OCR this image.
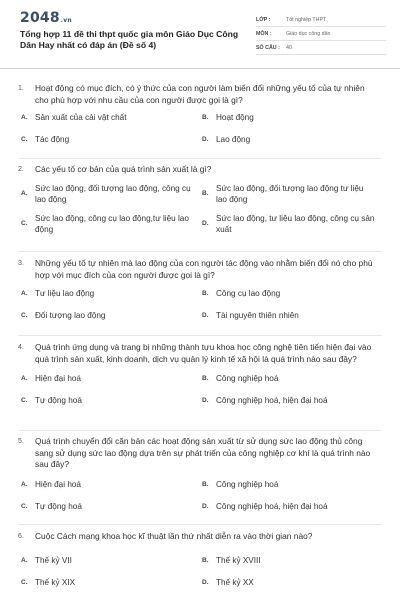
2048.vn
Tổng hợp 11 đề thi thpt quốc gia môn Giáo Dục Công Dân Hay nhất có đáp án (Đề số 4)
LỚP :	Tốt nghiệp THPT
MÔN :	Giáo dục công dân
SỐ CÂU :	40
1.	Hoạt động có mục đích, có ý thức của con người làm biến đổi những yếu tố của tự nhiên cho phù hợp với nhu cầu của con người được gọi là gì?
A. Sản xuất của cải vật chất	B. Hoạt động
C. Tác động	D. Lao động
2.	Các yếu tố cơ bản của quá trình sản xuất là gì?
A.
Sức lao động, đối tượng lao động, công cụ lao động
B.
Sức lao động, đối tượng lao động tư liệu lao động
C.
Sức lao động, công cụ lao động,tư liệu lao động
D.
Sức lao động, tư liệu lao động, công cụ sản xuất
3.	Những yếu tố tự nhiên mà lao động của con người tác động vào nhằm biến đổi nó cho phù hợp với mục đích của con người được gọi là gì?
A. Tư liệu lao động	B. Công cụ lao động
C. Đối tượng lao động	D. Tài nguyên thiên nhiên
4.	Quá trình ứng dụng và trang bị những thành tựu khoa học công nghệ tiên tiến hiện đại vào quá trình sản xuất, kinh doanh, dịch vụ quản lý kinh tế xã hội là quá trình nào sau đây?
A. Hiện đại hoá	B. Công nghiệp hoá
C. Tự động hoá	D. Công nghiệp hoá, hiện đại hoá
5.	Quá trình chuyển đổi căn bản các hoạt động sản xuất từ sử dụng sức lao động thủ công sang sử dụng sức lao động dựa trên sự phát triển của công nghiệp cơ khí là quá trình nào sau đây?
A. Hiện đại hoá	B. Công nghiệp hoá
C. Tự động hoá	D. Công nghiệp hoá, hiện đại hoá
6.	Cuộc Cách mạng khoa học kĩ thuật lần thứ nhất diễn ra vào thời gian nào?
A. Thế kỷ VII	B. Thế kỷ XVIII
C. Thế kỷ XIX	D. Thế kỷ XX
